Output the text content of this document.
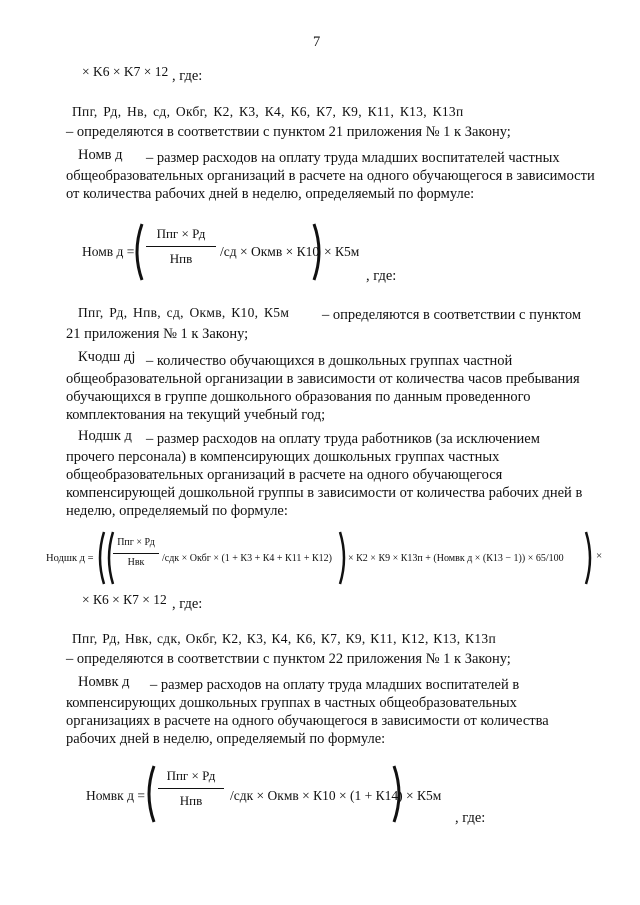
7
× K6 × K7 × 12 , где:
Ппг, Рд, Нв, сд, Окбг, К2, К3, К4, К6, К7, К9, К11, К13, К13п
– определяются в соответствии с пунктом 21 приложения № 1 к Закону;
Номв д – размер расходов на оплату труда младших воспитателей частных
общеобразовательных организаций в расчете на одного обучающегося в зависимости
от количества рабочих дней в неделю, определяемый по формуле:
Номв д =
Ппг × Рд
Нпв	/сд × Окмв × К10 × К5м
, где:
Ппг, Рд, Нпв, сд, Окмв, К10, К5м – определяются в соответствии с пунктом
21 приложения № 1 к Закону;
Кчодш дj – количество обучающихся в дошкольных группах частной
общеобразовательной организации в зависимости от количества часов пребывания
обучающихся в группе дошкольного образования по данным проведенного
комплектования на текущий учебный год;
Нодшк д – размер расходов на оплату труда работников (за исключением
прочего персонала) в компенсирующих дошкольных группах частных
общеобразовательных организаций в расчете на одного обучающегося
компенсирующей дошкольной группы в зависимости от количества рабочих дней в
неделю, определяемый по формуле:
Нодшк д =
Ппг × Рд
Нвк	/сдк × Окбг × (1 + К3 + К4 + К11 + К12) × К2 × К9 × К13п + (Номвк д × (К13 − 1)) × 65/100	×
× К6 × К7 × 12 , где:
Ппг, Рд, Нвк, сдк, Окбг, К2, К3, К4, К6, К7, К9, К11, К12, К13, К13п
– определяются в соответствии с пунктом 22 приложения № 1 к Закону;
Номвк д – размер расходов на оплату труда младших воспитателей в
компенсирующих дошкольных группах в частных общеобразовательных
организациях в расчете на одного обучающегося в зависимости от количества
рабочих дней в неделю, определяемый по формуле:
Номвк д =
Ппг × Рд
Нпв	/сдк × Окмв × К10 × (1 + К14) × К5м
, где:
